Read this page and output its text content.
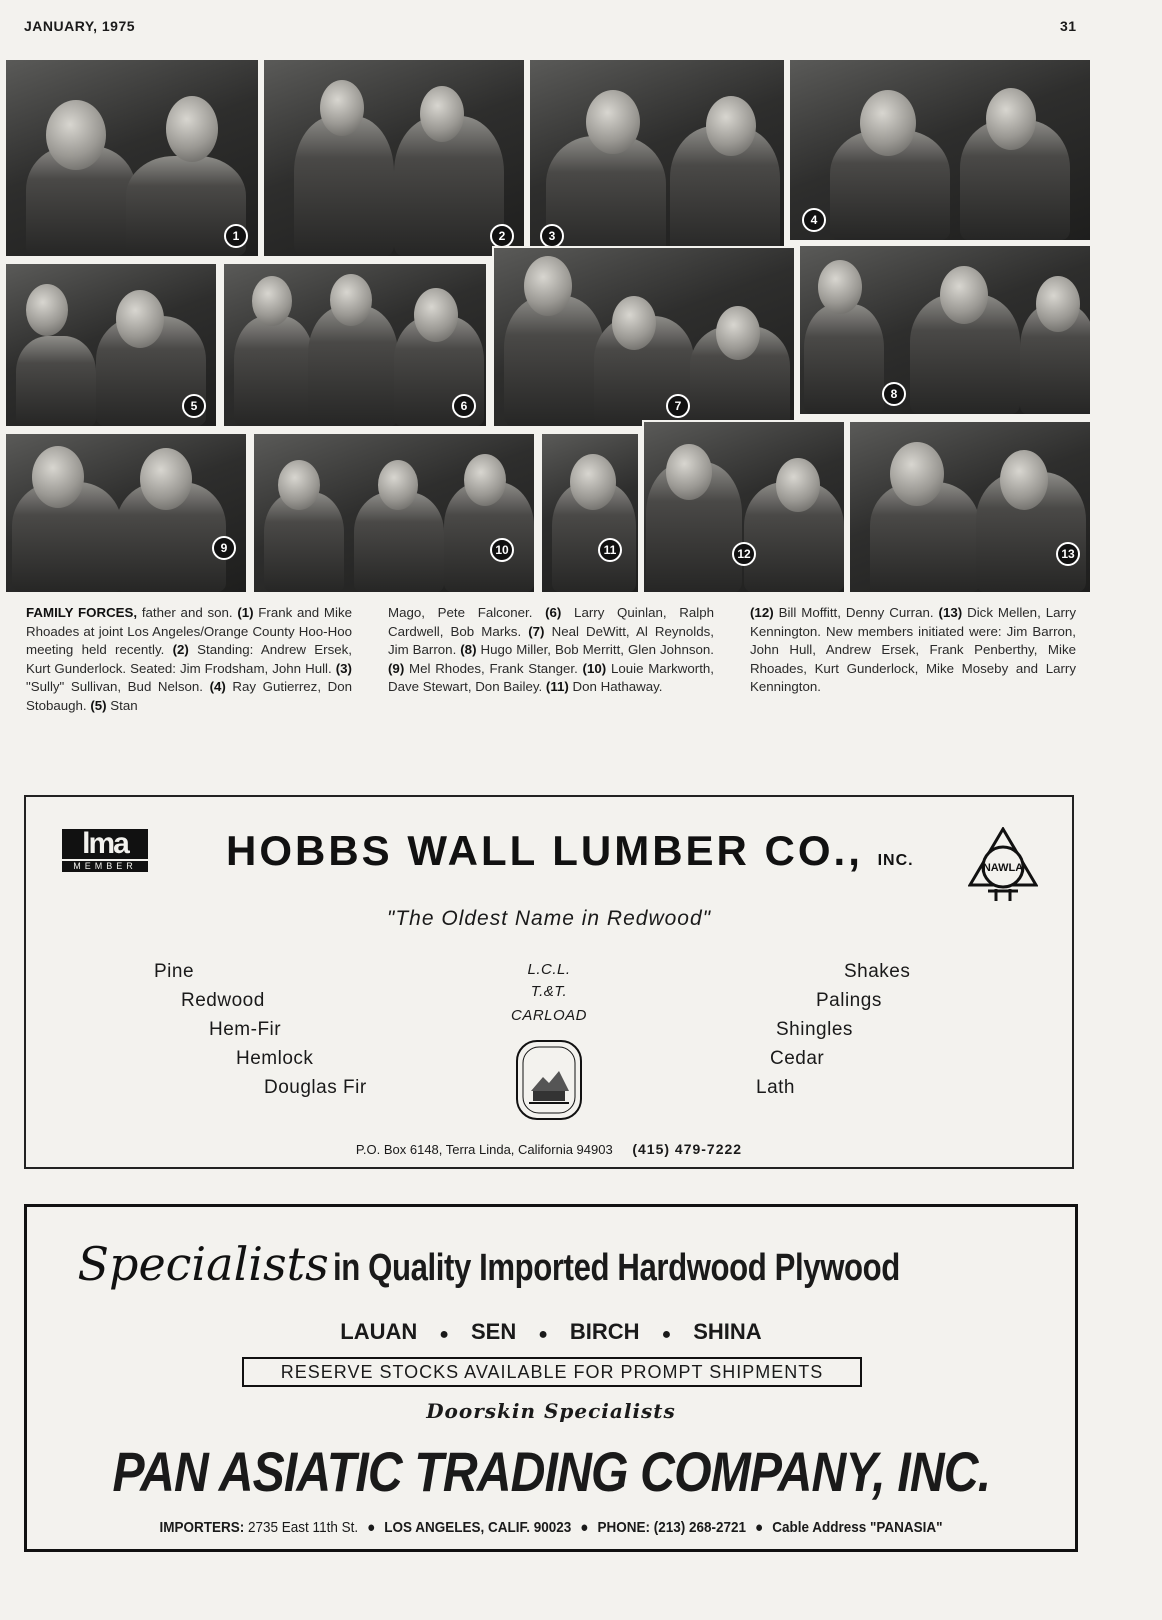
JANUARY, 1975	31
1	2	3
4
5	6	7
8
9	10	11	12	13
FAMILY FORCES, father and son. (1) Frank and Mike Rhoades at joint Los Angeles/Orange County Hoo-Hoo meeting held recently. (2) Standing: Andrew Ersek, Kurt Gunderlock. Seated: Jim Frodsham, John Hull. (3) "Sully" Sullivan, Bud Nelson. (4) Ray Gutierrez, Don Stobaugh. (5) Stan
Mago, Pete Falconer. (6) Larry Quinlan, Ralph Cardwell, Bob Marks. (7) Neal DeWitt, Al Reynolds, Jim Barron. (8) Hugo Miller, Bob Merritt, Glen Johnson. (9) Mel Rhodes, Frank Stanger. (10) Louie Markworth, Dave Stewart, Don Bailey. (11) Don Hathaway.
(12) Bill Moffitt, Denny Curran. (13) Dick Mellen, Larry Kennington. New members initiated were: Jim Barron, John Hull, Andrew Ersek, Frank Penberthy, Mike Rhoades, Kurt Gunderlock, Mike Moseby and Larry Kennington.
lma
MEMBER HOBBS WALL LUMBER CO., INC.	NAWLA
"The Oldest Name in Redwood"
Pine
Redwood
Hem-Fir
Hemlock
Douglas Fir
L.C.L.
T.&T.
CARLOAD
Shakes
Palings
Shingles
Cedar
Lath
P.O. Box 6148, Terra Linda, California 94903 (415) 479-7222
Specialists in Quality Imported Hardwood Plywood
LAUAN ● SEN ● BIRCH ● SHINA
RESERVE STOCKS AVAILABLE FOR PROMPT SHIPMENTS
Doorskin Specialists
PAN ASIATIC TRADING COMPANY, INC.
IMPORTERS: 2735 East 11th St. ● LOS ANGELES, CALIF. 90023 ● PHONE: (213) 268-2721 ● Cable Address "PANASIA"
